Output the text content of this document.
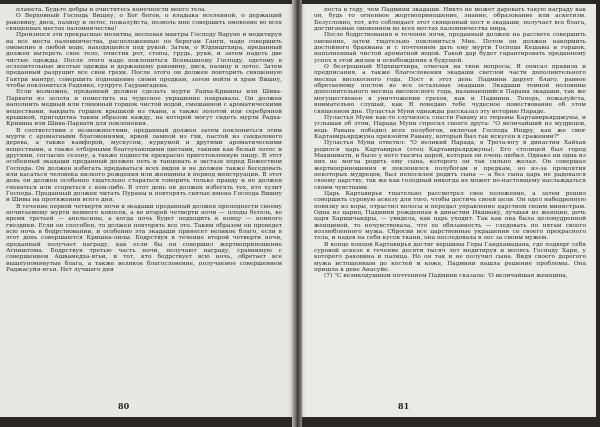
планета. Будьте добры и очиститесь конечности моего тела.

О Верховный Господь Вишну, о Бог богов, о владыка вселенной, о держащий раковину, диск, палицу и лотос, пожалуйста, позволь мне совершить омовение во всех священных местах паломничества!

Произнося эти прекрасные молитвы, воспевая мантры Господу Варуне и медитируя на все места паломничества, расположенные по берегам Ганги, надо совершить омовение в любой воде, находящейся под рукой. Затем, о Юдхиштхира, преданный должен вытереть свое тело, очистив рот, стопы, грудь, руки, и затем надеть две чистые одежды. После этого надо поклониться Всевышнему Господу, одетому в ослепительные желтые одежды и держащему раковину, диск, палицу и лотос. Затем преданный разрушит все свои грехи. После этого он должен повторить священную Гаятри мантру, совершить подношение своим предкам, затем войти в храм Вишну, чтобы поклониться Радхике, супруге Гаурангадева.

Если возможно, преданный должен сделать мурти Радха-Кришны или Шива-Парвати из золота и поместить на чудесное украшение покрывала. Он должен наполнить медный или глиняный горшок чистой водой, смешанной с ароматическими веществами, накрыть горшок крышкой из ткани, а также золотой или серебряной крышкой, пригоднтна таким образом кажду, на которой могут сидеть мурти Радха-Кришны или Шива-Парвати для поклонения.

В соответствии с возможностями, преданный должен затем поклониться этим мурти с ароматными благовониями, яркой лампой из гхи, пастой из сандалового дерева, а также камфорой, мускусом, куркумой и другими ароматическими веществами, а также отборными благоухающими цветами, такими как белый лотос и другими, согласно сезону, а также поднести прекрасно приготовленную пищу. В этот особенный экадаши преданный должен петь и танцевать в экстазе перед Божеством Господа. Он должен избегать предаваться всех видов и не должен также беседовать или касаться человека низкого рождения или женщины в период менструации. В этот день он должен особенно тщательно стараться говорить только правду и не должен гневаться или ссориться с кем-либо. В этот день он должен избегать тех, кто хулит Господа. Преданный должен читать Пураны и повторять святые имена Господа Вишну и Шивы на протяжении всего дня.

В течение первой четверти ночи в экадаши преданный должен преподнести своему почитаемому мурти немного кокосов, а во второй четверти ночи — плоды бетель, во время третьей — апельсины, а когда ночь будет подходить к концу — немного гвоздики. Если он способен, то должен повторять все это. Таким образом он проведет всю ночь в бодрствовании, и особенно эта экадаши принесет великое благо, если в этот день совершаются Кришна-лилы. Бодрствуя в течение второй четверти ночи, преданный получает награду, как если бы он совершил жертвоприношение Агништома. Бодрствуя третью часть ночи, получают награду, сравнимую с совершением Ашвамедха-ягьи, и тот, кто бодрствует всю ночь, обретает все вышеупомянутые блага, а также великое благословение, получаемое совершением Раджасуйя-ягьи. Нет лучшего дня

80

поста в году, чем Падмини экадаши. Никто не может даровать такую награду как он, будь то огненное жертвоприношение, знание, образование или аскетизм. Безусловно, тот, кто соблюдает этот священный пост в экадаши, получает все блага, достигаемые омовением во всех местах паломничества мира.

После бодрствования в течение ночи, преданный должен на рассвете совершить омовение, затем тщательно поклониться Мне. Потом он должен накормить достойного брахмана и с почтением дать ему мурти Господа Кешавы и горшок, наполненный чистой ароматной водой. Такой дар будет гарантировать преданному успех в этой жизни и освобождение в будущей.

О безгрешный Юдхиштхира, отвечая на твои вопросы, Я описал правила и предписания, а также благословения экадаши светлой части дополнительного месяца високосного года. Пост в этот день Падмини дарует благо, равное обретаемому постом во все остальные экадаши. Экадаши темной половины дополнительного месяца високосного года, называющийся Парама экадаши, так же могущественен в уничтожении грехов, как и Падмини. Теперь, пожалуйста, внимательно слушай, как Я поведаю тебе чудесное повествование об этом священном дне. Пуластья Муни однажды рассказал эту историю Нараде.

Пуластья Муни как-то случилось спасти Равану из тюрьмы Картавирьярджуны, и услышав об этом, Нарада Муни спросил своего друга: "О величайший из мудрецов, ведь Равана победил всех полубогов, включая Господа Индру, как же смог Картавирьярджуна превзойти Равану, который был так искусен в сражении?"

Пуластья Муни ответил: "О великий Нарада, в Трета-югу в династии Хайхая родился царь Картавирья (отец Картавирьярджуны). Его столицей был город Махишмати, и было у него тысяча царей, которых он очень любил. Однако ни одна из них не могла родить ему сына, которого он так сильно желал. Он совершал жертвоприношения и поклонялся полубогам и предкам, но из-за проклятия некоторых мудрецов, был непосилен родить сына — а без сына царь не радовался своему царству, так же как голодный никогда не может по-настоящему наслаждаться своим чувствами.

Царь Картавирья тщательно рассмотрел свое положение, а затем решил совершить суровую аскезу для того, чтобы достичь своей цели. Он одел набедренную повязку из коры, отрастил волосы и передал управление царством своим министрам. Одна из цариц, Падмини рожденная в династии Икшваку, лучшая из женщин, дочь царя Харишчандры, — увидела, как царь уходит. Так как она была целомудренной женщиной, то почувствовала, что ее обязанность — следовать по пятам своего возлюбленного мужа. Сбросив все царственные украшения со своего прекрасного тела, и надев на себя кусок ткани, она последовала в лес за своим мужем.

В конце концов Картавирья достиг вершины Горы Гандхамадана, где подверг себя суровой аскезе в течение десяти тысяч лет медитируя и молясь Господу Хари, у которого раковина и палица. Но он так и не получил сына. Видя своего дорогого мужа истощенным до костей и коже, Падмини нашла решение проблемы. Она пришла к деве Анасуйе.

(7) "С великодушным почтением Падмини сказала: 'О величайшая женщина,

81
